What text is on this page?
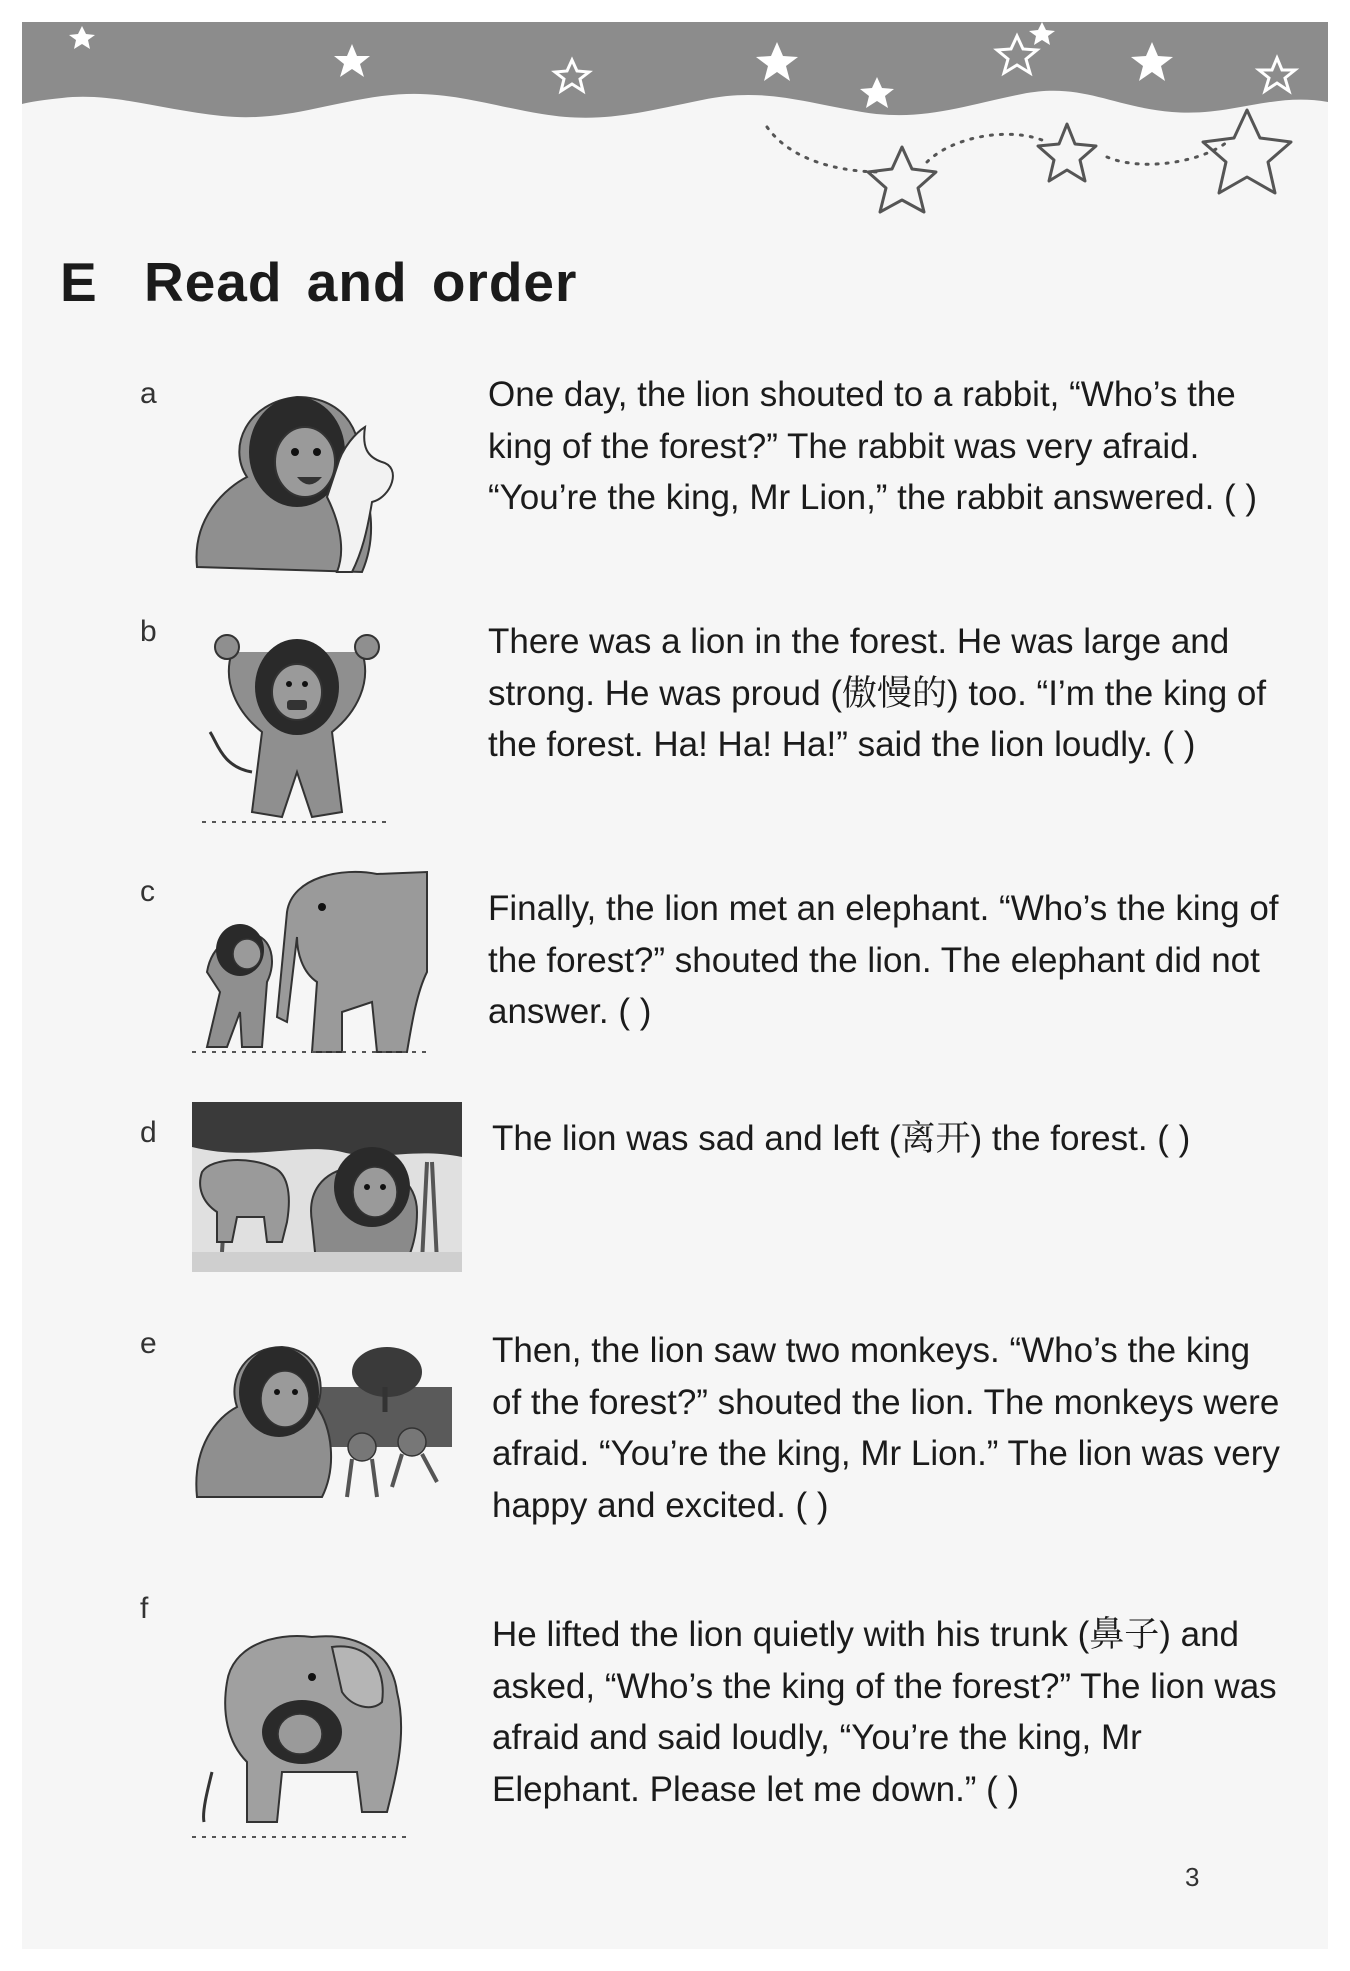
E Read and order
a	One day, the lion shouted to a rabbit, “Who’s the king of the forest?” The rabbit was very afraid. “You’re the king, Mr Lion,” the rabbit answered. ( )
b	There was a lion in the forest. He was large and strong. He was proud (傲慢的) too. “I’m the king of the forest. Ha! Ha! Ha!” said the lion loudly. ( )
c	Finally, the lion met an elephant. “Who’s the king of the forest?” shouted the lion. The elephant did not answer. ( )
d	The lion was sad and left (离开) the forest. ( )
e	Then, the lion saw two monkeys. “Who’s the king of the forest?” shouted the lion. The monkeys were afraid. “You’re the king, Mr Lion.” The lion was very happy and excited. ( )
f
He lifted the lion quietly with his trunk (鼻子) and asked, “Who’s the king of the forest?” The lion was afraid and said loudly, “You’re the king, Mr Elephant. Please let me down.” ( )
3
